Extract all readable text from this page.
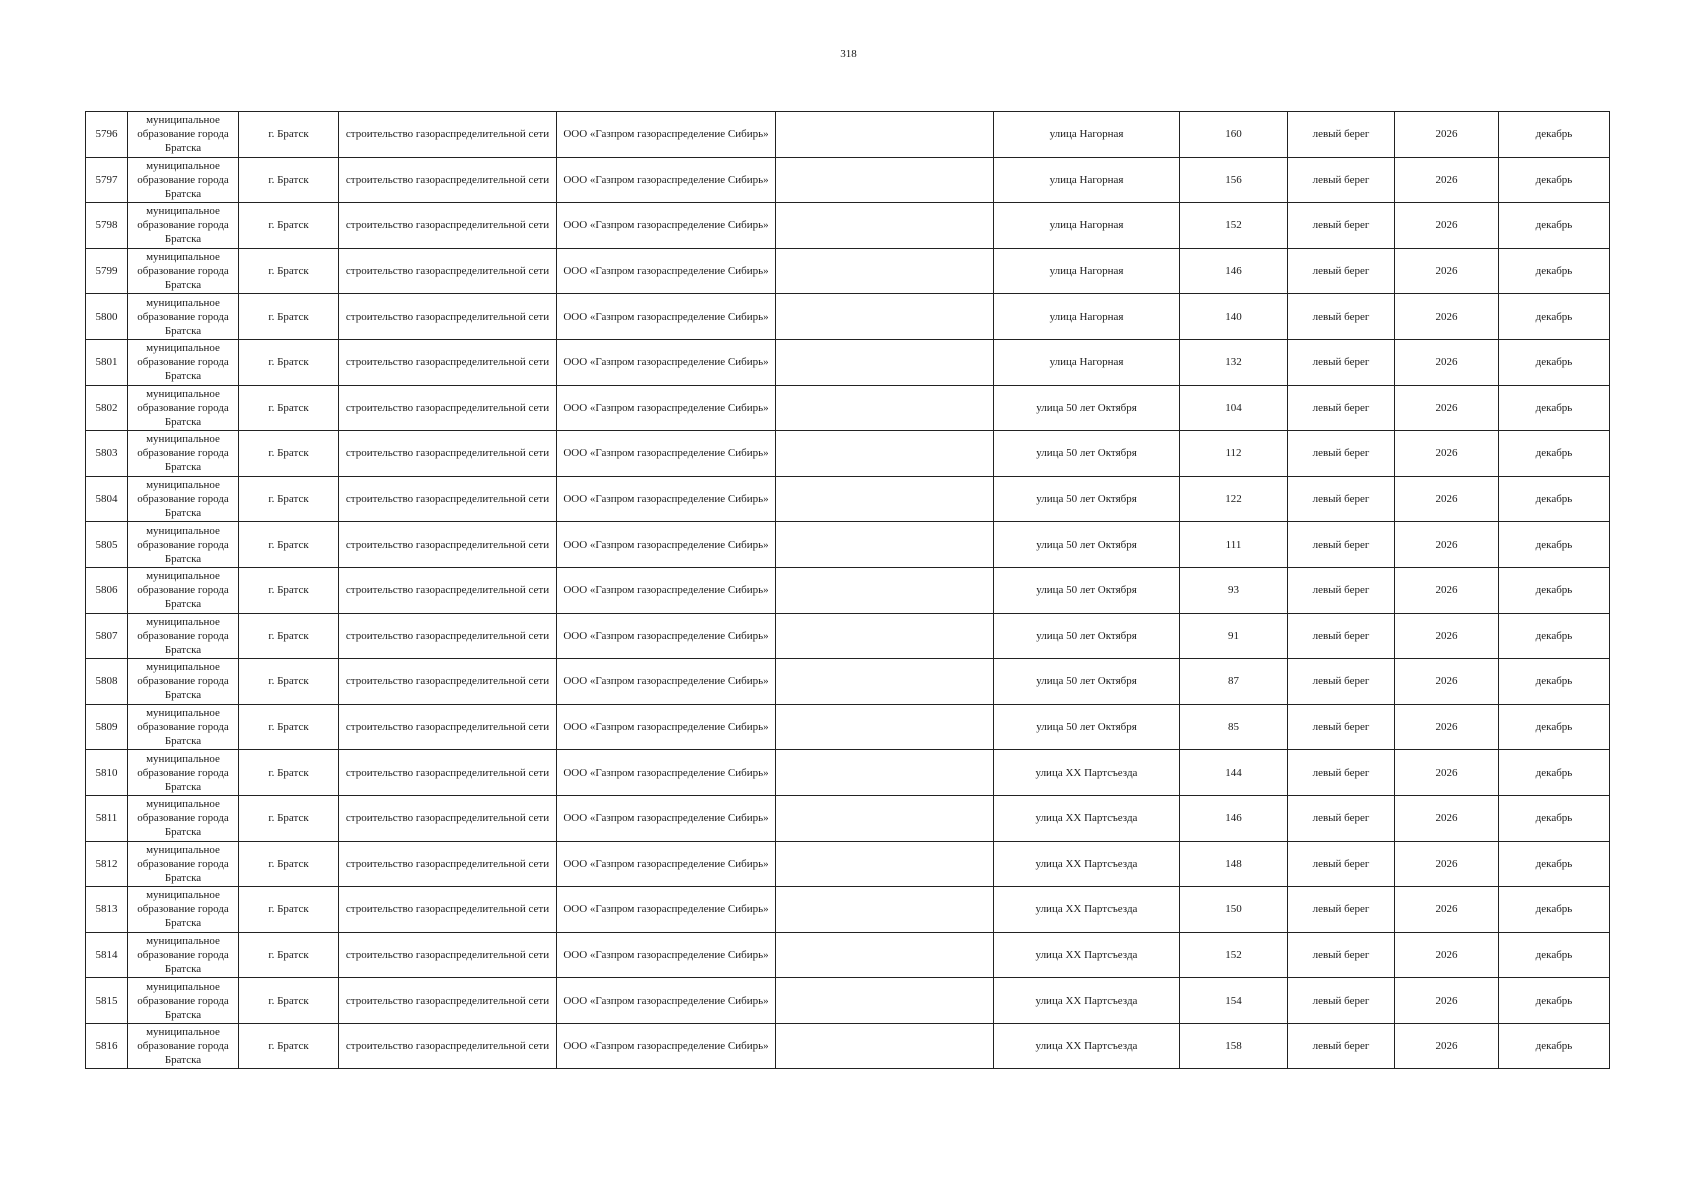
318
5796	муниципальное образование города Братска	г. Братск	строительство газораспределительной сети	ООО «Газпром газораспределение Сибирь»		улица Нагорная	160	левый берег	2026	декабрь
5797	муниципальное образование города Братска	г. Братск	строительство газораспределительной сети	ООО «Газпром газораспределение Сибирь»		улица Нагорная	156	левый берег	2026	декабрь
5798	муниципальное образование города Братска	г. Братск	строительство газораспределительной сети	ООО «Газпром газораспределение Сибирь»		улица Нагорная	152	левый берег	2026	декабрь
5799	муниципальное образование города Братска	г. Братск	строительство газораспределительной сети	ООО «Газпром газораспределение Сибирь»		улица Нагорная	146	левый берег	2026	декабрь
5800	муниципальное образование города Братска	г. Братск	строительство газораспределительной сети	ООО «Газпром газораспределение Сибирь»		улица Нагорная	140	левый берег	2026	декабрь
5801	муниципальное образование города Братска	г. Братск	строительство газораспределительной сети	ООО «Газпром газораспределение Сибирь»		улица Нагорная	132	левый берег	2026	декабрь
5802	муниципальное образование города Братска	г. Братск	строительство газораспределительной сети	ООО «Газпром газораспределение Сибирь»		улица 50 лет Октября	104	левый берег	2026	декабрь
5803	муниципальное образование города Братска	г. Братск	строительство газораспределительной сети	ООО «Газпром газораспределение Сибирь»		улица 50 лет Октября	112	левый берег	2026	декабрь
5804	муниципальное образование города Братска	г. Братск	строительство газораспределительной сети	ООО «Газпром газораспределение Сибирь»		улица 50 лет Октября	122	левый берег	2026	декабрь
5805	муниципальное образование города Братска	г. Братск	строительство газораспределительной сети	ООО «Газпром газораспределение Сибирь»		улица 50 лет Октября	111	левый берег	2026	декабрь
5806	муниципальное образование города Братска	г. Братск	строительство газораспределительной сети	ООО «Газпром газораспределение Сибирь»		улица 50 лет Октября	93	левый берег	2026	декабрь
5807	муниципальное образование города Братска	г. Братск	строительство газораспределительной сети	ООО «Газпром газораспределение Сибирь»		улица 50 лет Октября	91	левый берег	2026	декабрь
5808	муниципальное образование города Братска	г. Братск	строительство газораспределительной сети	ООО «Газпром газораспределение Сибирь»		улица 50 лет Октября	87	левый берег	2026	декабрь
5809	муниципальное образование города Братска	г. Братск	строительство газораспределительной сети	ООО «Газпром газораспределение Сибирь»		улица 50 лет Октября	85	левый берег	2026	декабрь
5810	муниципальное образование города Братска	г. Братск	строительство газораспределительной сети	ООО «Газпром газораспределение Сибирь»		улица XX Партсъезда	144	левый берег	2026	декабрь
5811	муниципальное образование города Братска	г. Братск	строительство газораспределительной сети	ООО «Газпром газораспределение Сибирь»		улица XX Партсъезда	146	левый берег	2026	декабрь
5812	муниципальное образование города Братска	г. Братск	строительство газораспределительной сети	ООО «Газпром газораспределение Сибирь»		улица XX Партсъезда	148	левый берег	2026	декабрь
5813	муниципальное образование города Братска	г. Братск	строительство газораспределительной сети	ООО «Газпром газораспределение Сибирь»		улица XX Партсъезда	150	левый берег	2026	декабрь
5814	муниципальное образование города Братска	г. Братск	строительство газораспределительной сети	ООО «Газпром газораспределение Сибирь»		улица XX Партсъезда	152	левый берег	2026	декабрь
5815	муниципальное образование города Братска	г. Братск	строительство газораспределительной сети	ООО «Газпром газораспределение Сибирь»		улица XX Партсъезда	154	левый берег	2026	декабрь
5816	муниципальное образование города Братска	г. Братск	строительство газораспределительной сети	ООО «Газпром газораспределение Сибирь»		улица XX Партсъезда	158	левый берег	2026	декабрь
